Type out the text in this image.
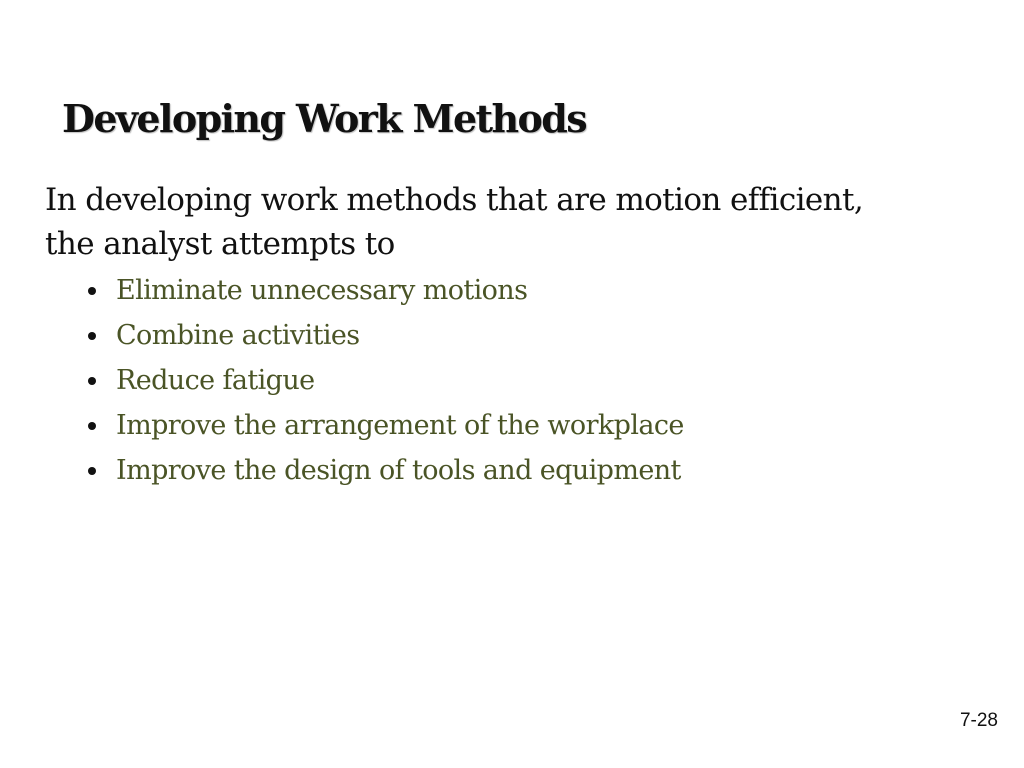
Developing Work Methods
In developing work methods that are motion efficient,
the analyst attempts to
Eliminate unnecessary motions
Combine activities
Reduce fatigue
Improve the arrangement of the workplace
Improve the design of tools and equipment
7-28
